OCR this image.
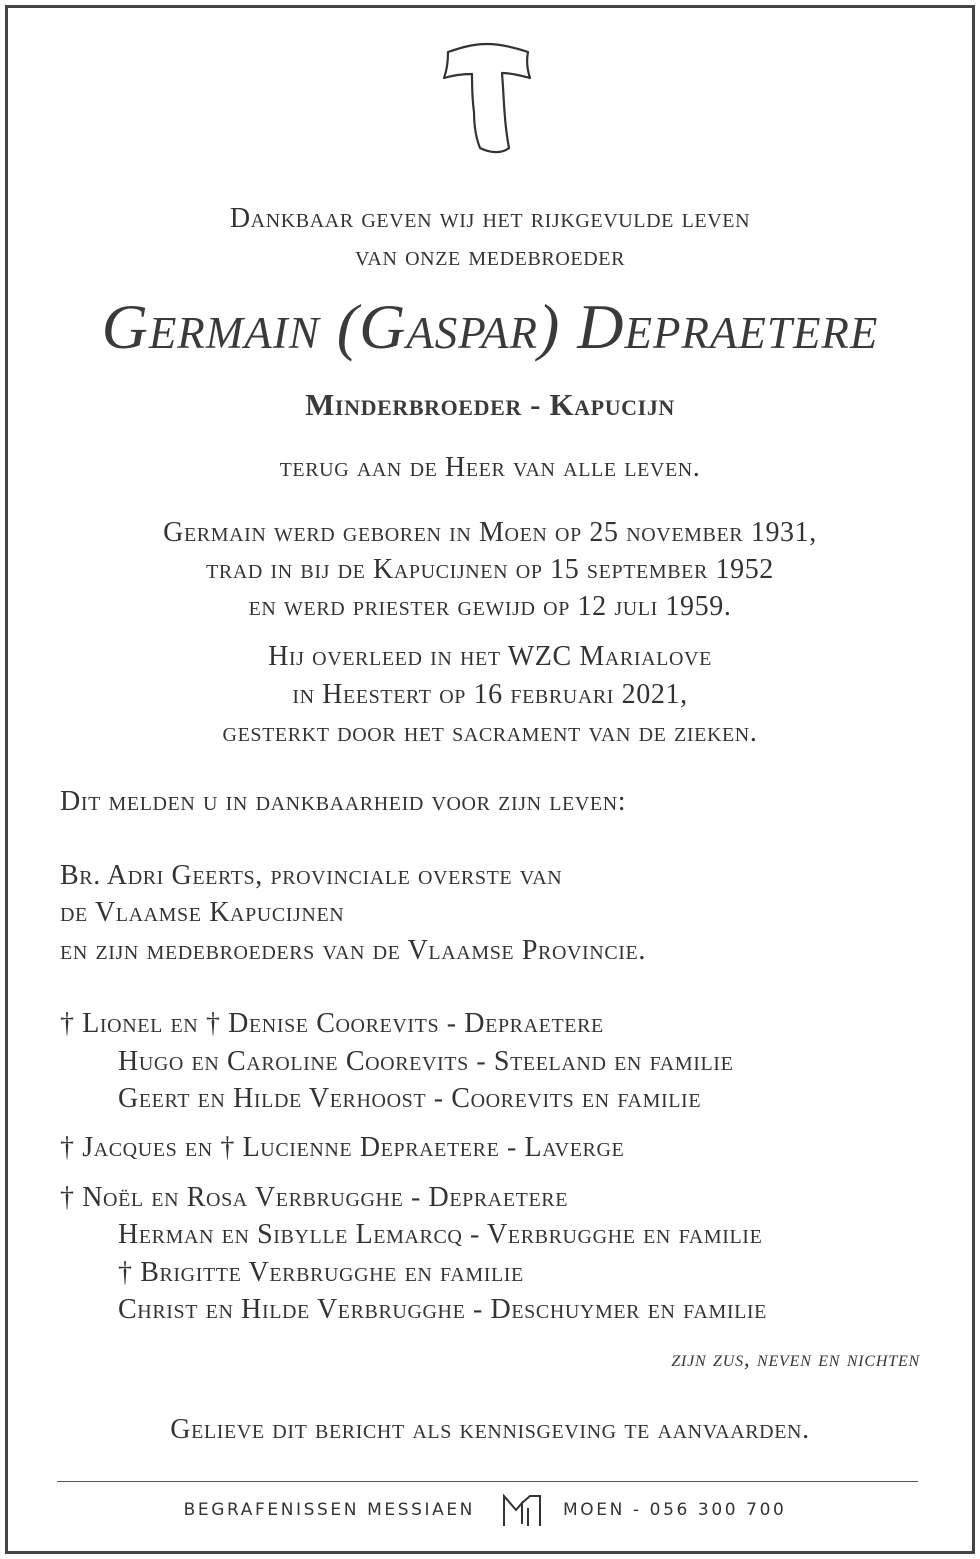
Dankbaar geven wij het rijkgevulde leven
van onze medebroeder
Germain (Gaspar) Depraetere
Minderbroeder - Kapucijn
terug aan de Heer van alle leven.
Germain werd geboren in Moen op 25 november 1931,
trad in bij de Kapucijnen op 15 september 1952
en werd priester gewijd op 12 juli 1959.
Hij overleed in het WZC Marialove
in Heestert op 16 februari 2021,
gesterkt door het sacrament van de zieken.
Dit melden u in dankbaarheid voor zijn leven:
Br. Adri Geerts, provinciale overste van
de Vlaamse Kapucijnen
en zijn medebroeders van de Vlaamse Provincie.
† Lionel en † Denise Coorevits - Depraetere
Hugo en Caroline Coorevits - Steeland en familie
Geert en Hilde Verhoost - Coorevits en familie
† Jacques en † Lucienne Depraetere - Laverge
† Noël en Rosa Verbrugghe - Depraetere
Herman en Sibylle Lemarcq - Verbrugghe en familie
† Brigitte Verbrugghe en familie
Christ en Hilde Verbrugghe - Deschuymer en familie
zijn zus, neven en nichten
Gelieve dit bericht als kennisgeving te aanvaarden.
BEGRAFENISSEN MESSIAEN	MOEN - 056 300 700
